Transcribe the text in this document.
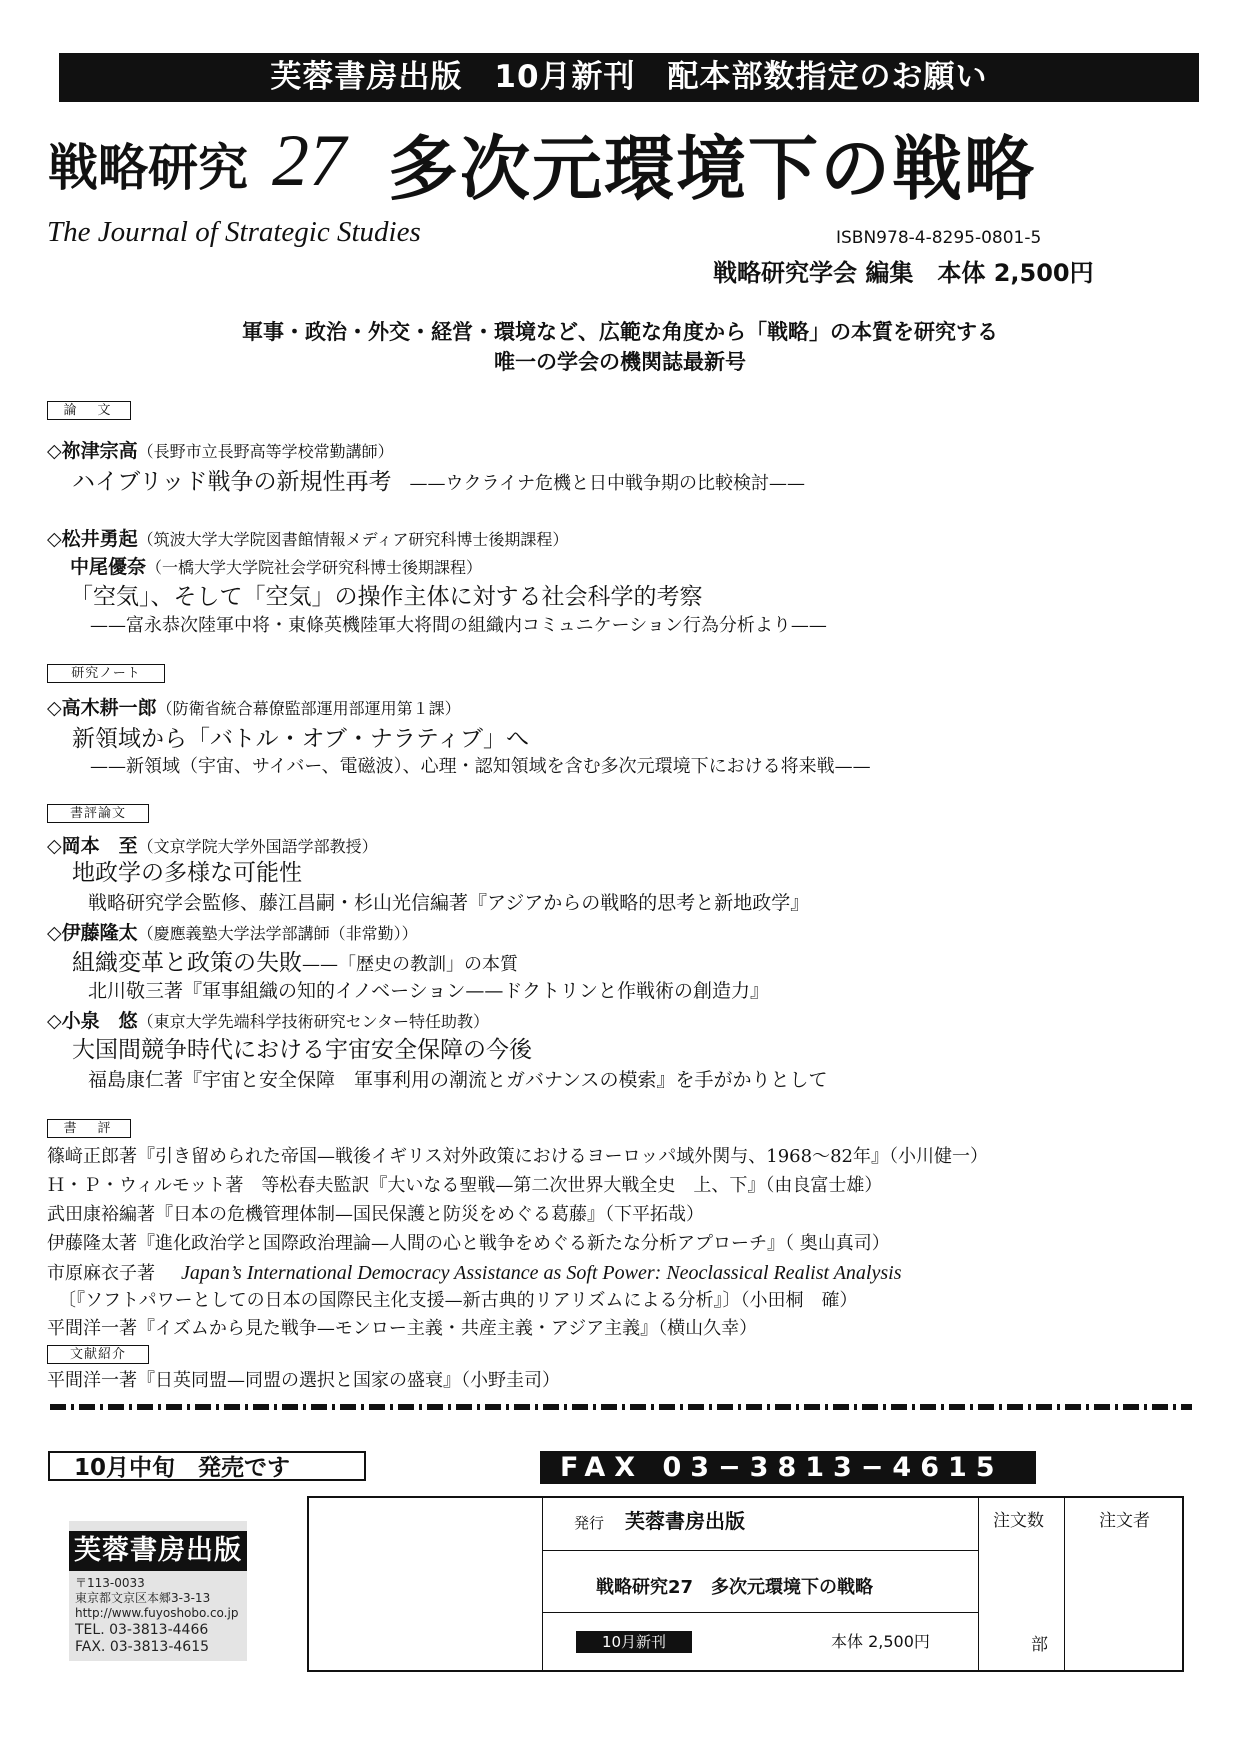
芙蓉書房出版　10月新刊　配本部数指定のお願い
戦略研究 27 多次元環境下の戦略
The Journal of Strategic Studies	ISBN978-4-8295-0801-5
戦略研究学会 編集　本体 2,500円
軍事・政治・外交・経営・環境など、広範な角度から「戦略」の本質を研究する
唯一の学会の機関誌最新号
論　文
◇祢津宗高（長野市立長野高等学校常勤講師）
ハイブリッド戦争の新規性再考 ——ウクライナ危機と日中戦争期の比較検討——
◇松井勇起（筑波大学大学院図書館情報メディア研究科博士後期課程）
中尾優奈（一橋大学大学院社会学研究科博士後期課程）
「空気」、そして「空気」の操作主体に対する社会科学的考察
——富永恭次陸軍中将・東條英機陸軍大将間の組織内コミュニケーション行為分析より——
研究ノート
◇高木耕一郎（防衛省統合幕僚監部運用部運用第１課）
新領域から「バトル・オブ・ナラティブ」へ
——新領域（宇宙、サイバー、電磁波）、心理・認知領域を含む多次元環境下における将来戦——
書評論文
◇岡本　至（文京学院大学外国語学部教授）
地政学の多様な可能性
戦略研究学会監修、藤江昌嗣・杉山光信編著『アジアからの戦略的思考と新地政学』
◇伊藤隆太（慶應義塾大学法学部講師（非常勤））
組織変革と政策の失敗——「歴史の教訓」の本質
北川敬三著『軍事組織の知的イノベーション——ドクトリンと作戦術の創造力』
◇小泉　悠（東京大学先端科学技術研究センター特任助教）
大国間競争時代における宇宙安全保障の今後
福島康仁著『宇宙と安全保障　軍事利用の潮流とガバナンスの模索』を手がかりとして
書　評
篠﨑正郎著『引き留められた帝国—戦後イギリス対外政策におけるヨーロッパ域外関与、1968〜82年』（小川健一）
Ｈ・Ｐ・ウィルモット著　等松春夫監訳『大いなる聖戦—第二次世界大戦全史　上、下』（由良富士雄）
武田康裕編著『日本の危機管理体制—国民保護と防災をめぐる葛藤』（下平拓哉）
伊藤隆太著『進化政治学と国際政治理論—人間の心と戦争をめぐる新たな分析アプローチ』（ 奥山真司）
市原麻衣子著 Japan’s International Democracy Assistance as Soft Power: Neoclassical Realist Analysis
〔『ソフトパワーとしての日本の国際民主化支援—新古典的リアリズムによる分析』〕（小田桐　確）
平間洋一著『イズムから見た戦争—モンロー主義・共産主義・アジア主義』（横山久幸）
文献紹介
平間洋一著『日英同盟—同盟の選択と国家の盛衰』（小野圭司）
10月中旬　発売です	FAX 03−3813−4615
芙蓉書房出版
〒113-0033
東京都文京区本郷3-3-13
http://www.fuyoshobo.co.jp
TEL. 03-3813-4466
FAX. 03-3813-4615
発行 芙蓉書房出版	注文数	注文者
戦略研究27　多次元環境下の戦略
10月新刊	本体 2,500円	部
